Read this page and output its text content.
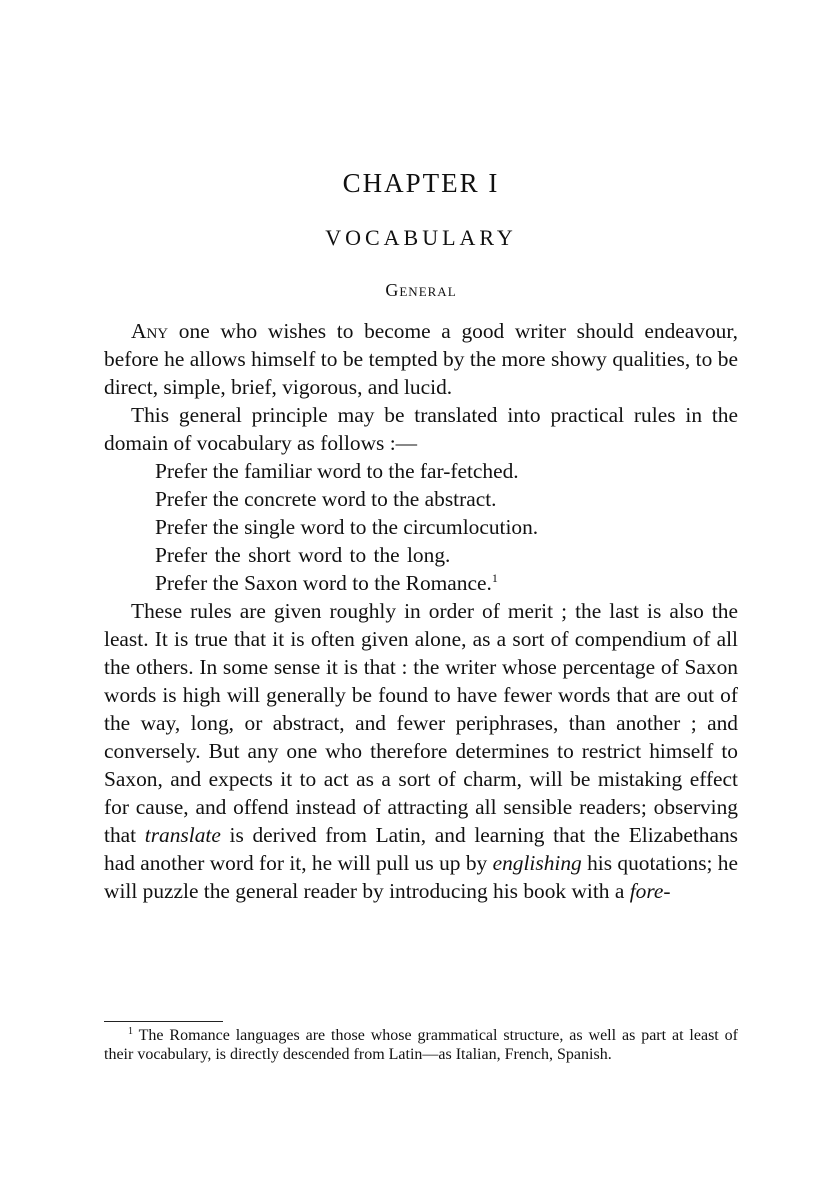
CHAPTER I
VOCABULARY
General

Any one who wishes to become a good writer should endeavour, before he allows himself to be tempted by the more showy qualities, to be direct, simple, brief, vigorous, and lucid.

This general principle may be translated into practical rules in the domain of vocabulary as follows :—

Prefer the familiar word to the far-fetched.
Prefer the concrete word to the abstract.
Prefer the single word to the circumlocution.
Prefer the short word to the long.
Prefer the Saxon word to the Romance.$^1$

These rules are given roughly in order of merit ; the last is also the least. It is true that it is often given alone, as a sort of compendium of all the others. In some sense it is that : the writer whose percentage of Saxon words is high will generally be found to have fewer words that are out of the way, long, or abstract, and fewer periphrases, than another ; and conversely. But any one who therefore determines to restrict himself to Saxon, and expects it to act as a sort of charm, will be mistaking effect for cause, and offend instead of attracting all sensible readers; observing that translate is derived from Latin, and learning that the Elizabethans had another word for it, he will pull us up by englishing his quotations; he will puzzle the general reader by introducing his book with a fore-

$^1$ The Romance languages are those whose grammatical structure, as well as part at least of their vocabulary, is directly descended from Latin—as Italian, French, Spanish.
